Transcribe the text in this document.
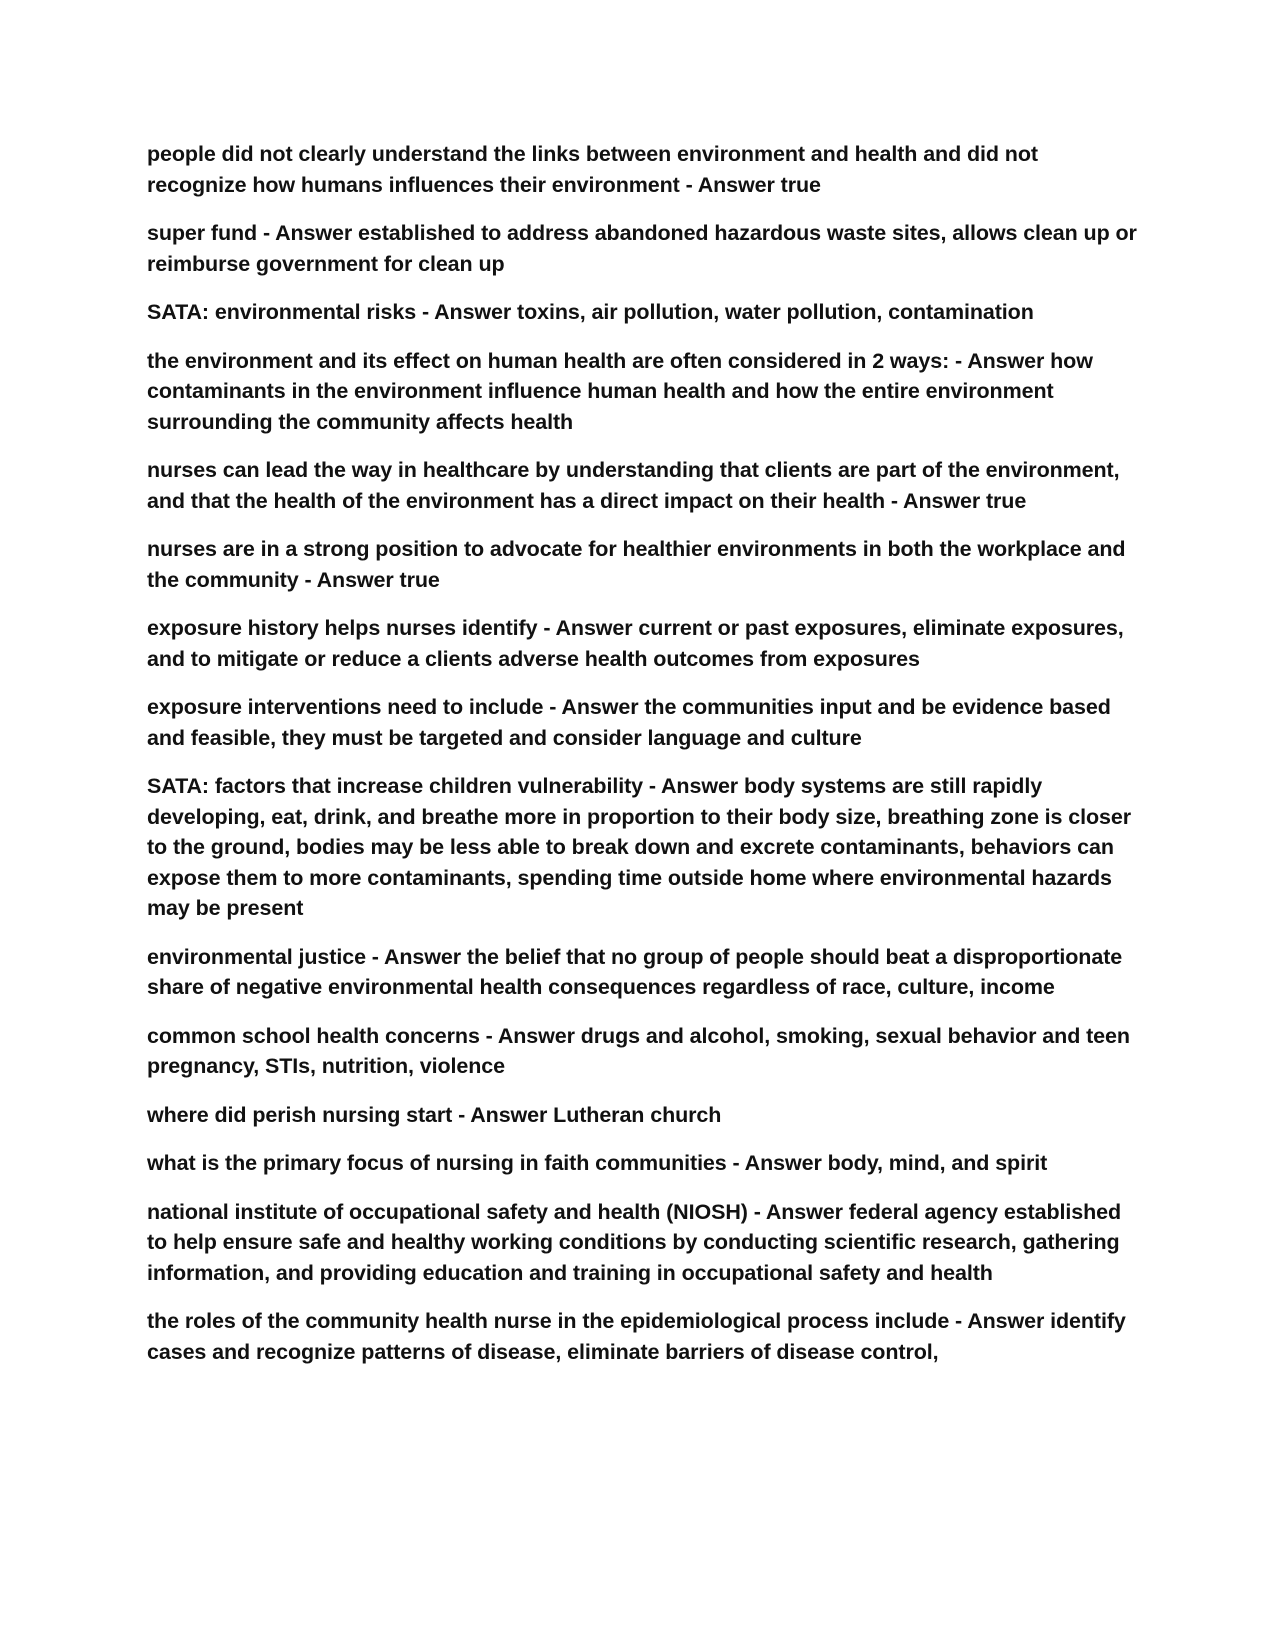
people did not clearly understand the links between environment and health and did not recognize how humans influences their environment - Answer true

super fund - Answer established to address abandoned hazardous waste sites, allows clean up or reimburse government for clean up

SATA: environmental risks - Answer toxins, air pollution, water pollution, contamination

the environment and its effect on human health are often considered in 2 ways: - Answer how contaminants in the environment influence human health and how the entire environment surrounding the community affects health

nurses can lead the way in healthcare by understanding that clients are part of the environment, and that the health of the environment has a direct impact on their health - Answer true

nurses are in a strong position to advocate for healthier environments in both the workplace and the community - Answer true

exposure history helps nurses identify - Answer current or past exposures, eliminate exposures, and to mitigate or reduce a clients adverse health outcomes from exposures

exposure interventions need to include - Answer the communities input and be evidence based and feasible, they must be targeted and consider language and culture

SATA: factors that increase children vulnerability - Answer body systems are still rapidly developing, eat, drink, and breathe more in proportion to their body size, breathing zone is closer to the ground, bodies may be less able to break down and excrete contaminants, behaviors can expose them to more contaminants, spending time outside home where environmental hazards may be present

environmental justice - Answer the belief that no group of people should beat a disproportionate share of negative environmental health consequences regardless of race, culture, income

common school health concerns - Answer drugs and alcohol, smoking, sexual behavior and teen pregnancy, STIs, nutrition, violence

where did perish nursing start - Answer Lutheran church

what is the primary focus of nursing in faith communities - Answer body, mind, and spirit

national institute of occupational safety and health (NIOSH) - Answer federal agency established to help ensure safe and healthy working conditions by conducting scientific research, gathering information, and providing education and training in occupational safety and health

the roles of the community health nurse in the epidemiological process include - Answer identify cases and recognize patterns of disease, eliminate barriers of disease control,
